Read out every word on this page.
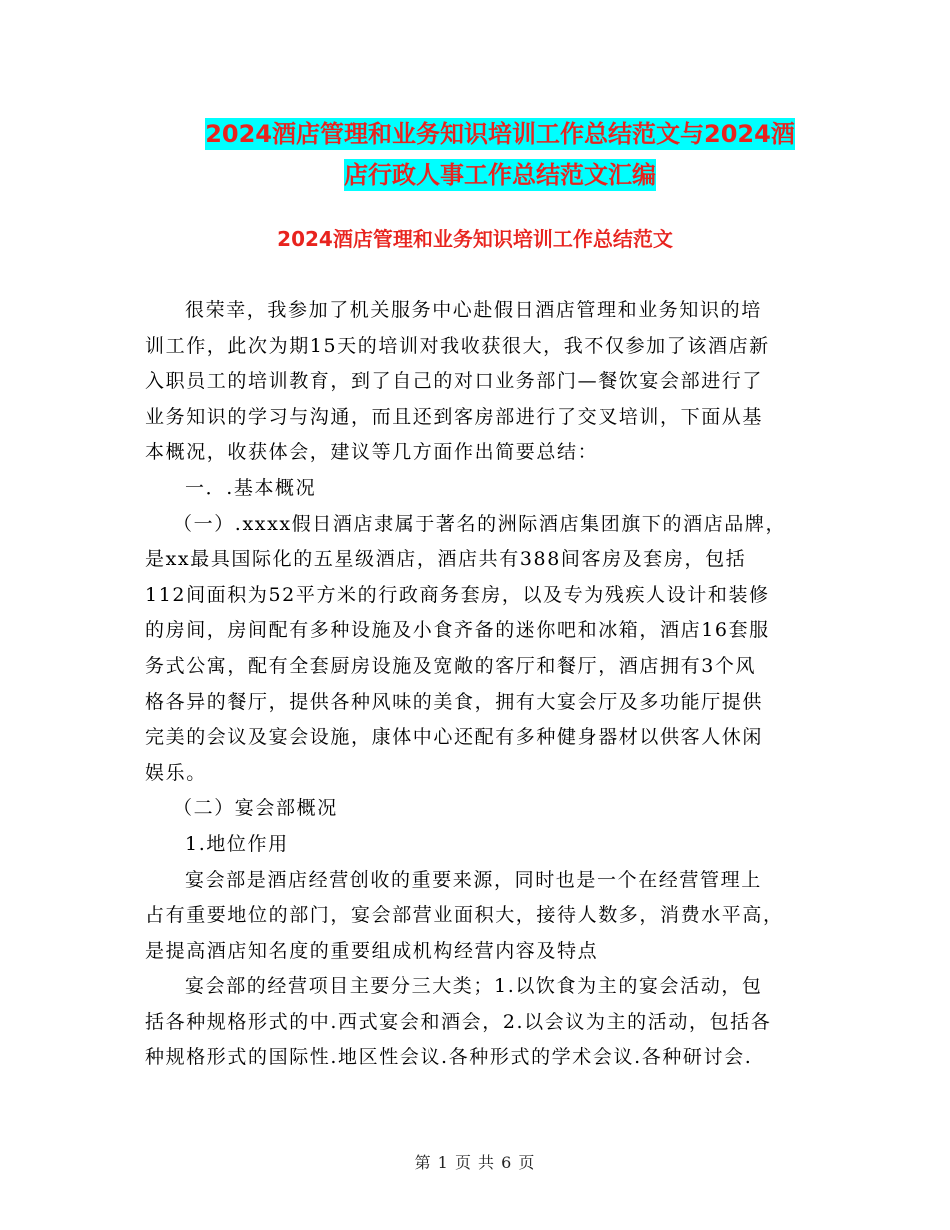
2024酒店管理和业务知识培训工作总结范文与2024酒
店行政人事工作总结范文汇编
2024酒店管理和业务知识培训工作总结范文
很荣幸，我参加了机关服务中心赴假日酒店管理和业务知识的培
训工作，此次为期15天的培训对我收获很大，我不仅参加了该酒店新
入职员工的培训教育，到了自己的对口业务部门—餐饮宴会部进行了
业务知识的学习与沟通，而且还到客房部进行了交叉培训，下面从基
本概况，收获体会，建议等几方面作出简要总结：
一．.基本概况
（一）.xxxx假日酒店隶属于著名的洲际酒店集团旗下的酒店品牌，
是xx最具国际化的五星级酒店，酒店共有388间客房及套房，包括
112间面积为52平方米的行政商务套房，以及专为残疾人设计和装修
的房间，房间配有多种设施及小食齐备的迷你吧和冰箱，酒店16套服
务式公寓，配有全套厨房设施及宽敞的客厅和餐厅，酒店拥有3个风
格各异的餐厅，提供各种风味的美食，拥有大宴会厅及多功能厅提供
完美的会议及宴会设施，康体中心还配有多种健身器材以供客人休闲
娱乐。
（二）宴会部概况
1.地位作用
宴会部是酒店经营创收的重要来源，同时也是一个在经营管理上
占有重要地位的部门，宴会部营业面积大，接待人数多，消费水平高，
是提高酒店知名度的重要组成机构经营内容及特点
宴会部的经营项目主要分三大类；1.以饮食为主的宴会活动，包
括各种规格形式的中.西式宴会和酒会，2.以会议为主的活动，包括各
种规格形式的国际性.地区性会议.各种形式的学术会议.各种研讨会.
第 1 页 共 6 页
